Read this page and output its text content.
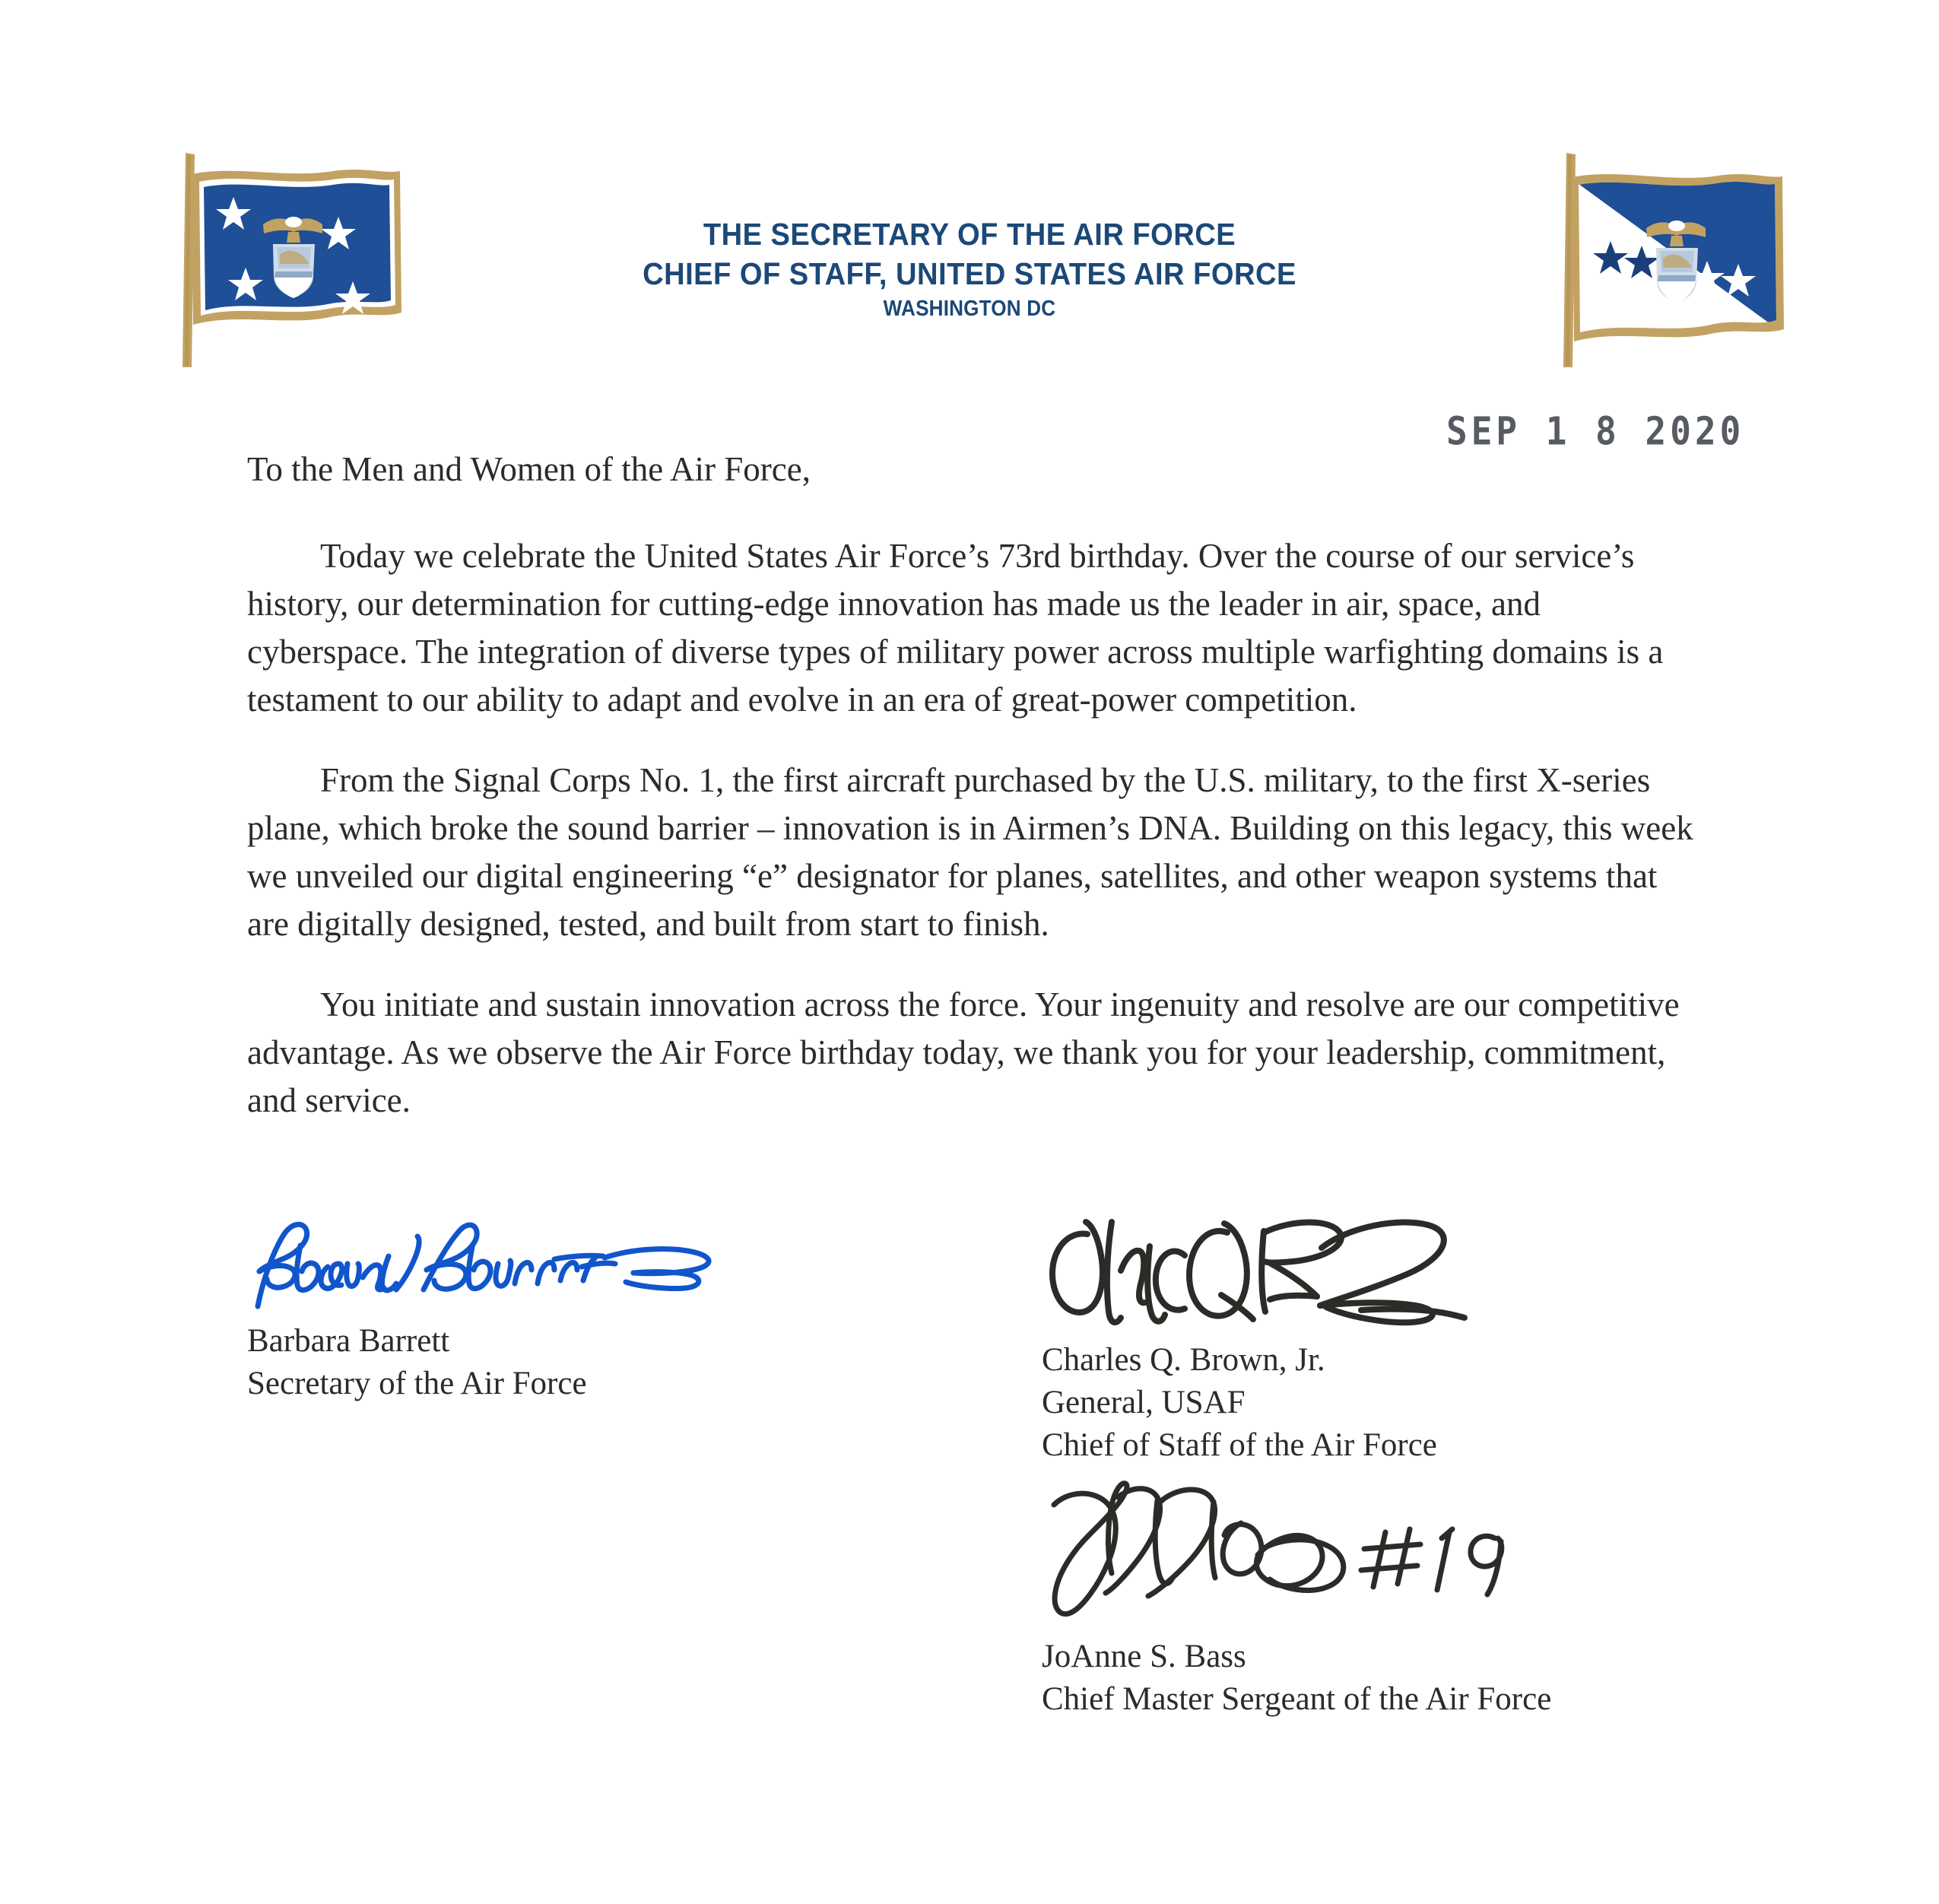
THE SECRETARY OF THE AIR FORCE
CHIEF OF STAFF, UNITED STATES AIR FORCE
WASHINGTON DC
SEP 1 8 2020

To the Men and Women of the Air Force,

Today we celebrate the United States Air Force’s 73rd birthday. Over the course of our service’s history, our determination for cutting-edge innovation has made us the leader in air, space, and cyberspace. The integration of diverse types of military power across multiple warfighting domains is a testament to our ability to adapt and evolve in an era of great-power competition.

From the Signal Corps No. 1, the first aircraft purchased by the U.S. military, to the first X-series plane, which broke the sound barrier – innovation is in Airmen’s DNA. Building on this legacy, this week we unveiled our digital engineering “e” designator for planes, satellites, and other weapon systems that are digitally designed, tested, and built from start to finish.

You initiate and sustain innovation across the force. Your ingenuity and resolve are our competitive advantage. As we observe the Air Force birthday today, we thank you for your leadership, commitment, and service.

Barbara Barrett
Secretary of the Air Force
Charles Q. Brown, Jr.
General, USAF
Chief of Staff of the Air Force
JoAnne S. Bass
Chief Master Sergeant of the Air Force
